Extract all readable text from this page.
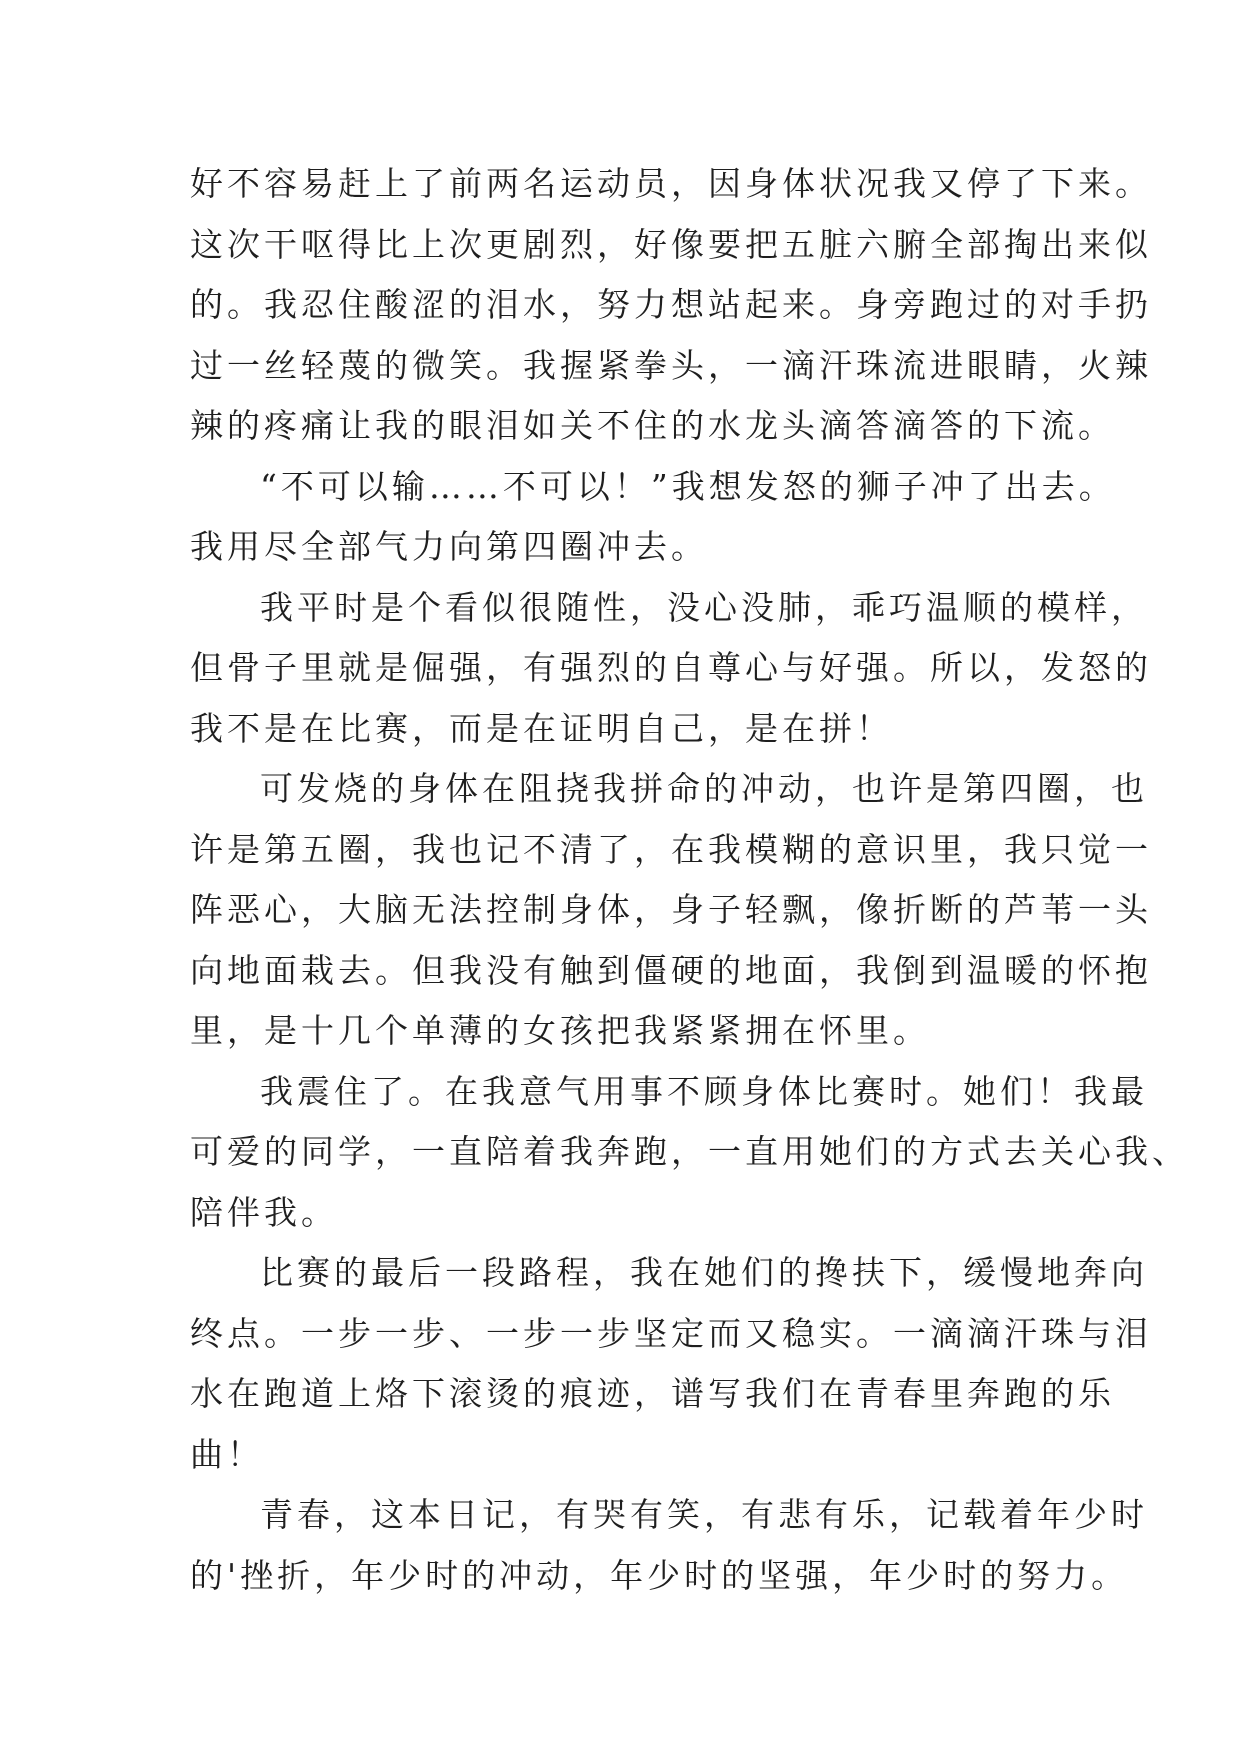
好不容易赶上了前两名运动员，因身体状况我又停了下来。
这次干呕得比上次更剧烈，好像要把五脏六腑全部掏出来似
的。我忍住酸涩的泪水，努力想站起来。身旁跑过的对手扔
过一丝轻蔑的微笑。我握紧拳头，一滴汗珠流进眼睛，火辣
辣的疼痛让我的眼泪如关不住的水龙头滴答滴答的下流。
“不可以输……不可以！”我想发怒的狮子冲了出去。
我用尽全部气力向第四圈冲去。
我平时是个看似很随性，没心没肺，乖巧温顺的模样，
但骨子里就是倔强，有强烈的自尊心与好强。所以，发怒的
我不是在比赛，而是在证明自己，是在拼！
可发烧的身体在阻挠我拼命的冲动，也许是第四圈，也
许是第五圈，我也记不清了，在我模糊的意识里，我只觉一
阵恶心，大脑无法控制身体，身子轻飘，像折断的芦苇一头
向地面栽去。但我没有触到僵硬的地面，我倒到温暖的怀抱
里，是十几个单薄的女孩把我紧紧拥在怀里。
我震住了。在我意气用事不顾身体比赛时。她们！我最
可爱的同学，一直陪着我奔跑，一直用她们的方式去关心我、
陪伴我。
比赛的最后一段路程，我在她们的搀扶下，缓慢地奔向
终点。一步一步、一步一步坚定而又稳实。一滴滴汗珠与泪
水在跑道上烙下滚烫的痕迹，谱写我们在青春里奔跑的乐
曲！
青春，这本日记，有哭有笑，有悲有乐，记载着年少时
的'挫折，年少时的冲动，年少时的坚强，年少时的努力。
